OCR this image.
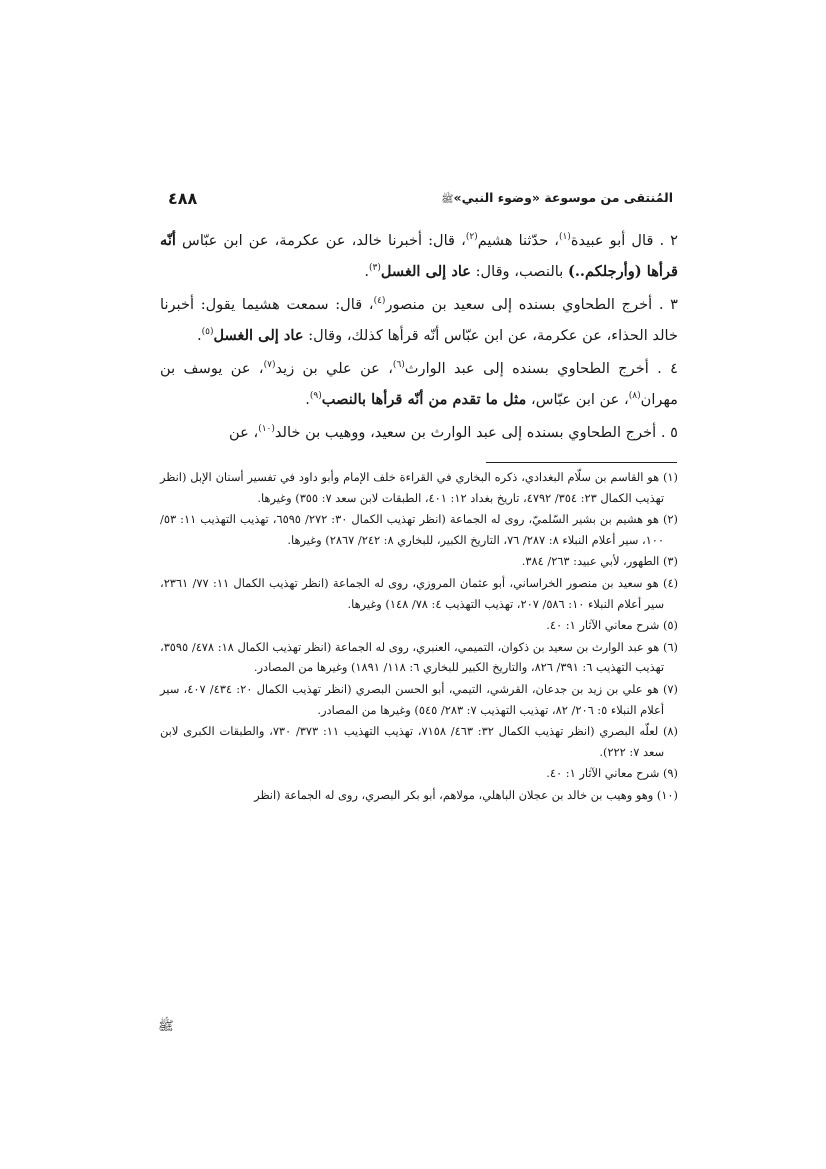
المُنتقى من موسوعة «وضوء النبي»ﷺ
٤٨٨

٢ . قال أبو عبيدة$^{(١)}$، حدّثنا هشيم$^{(٢)}$، قال: أخبرنا خالد، عن عكرمة، عن ابن عبّاس أنّه قرأها (وأرجلكم..) بالنصب، وقال: عاد إلى الغسل$^{(٣)}$.

٣ . أخرج الطحاوي بسنده إلى سعيد بن منصور$^{(٤)}$، قال: سمعت هشيما يقول: أخبرنا خالد الحذاء، عن عكرمة، عن ابن عبّاس أنّه قرأها كذلك، وقال: عاد إلى الغسل$^{(٥)}$.

٤ . أخرج الطحاوي بسنده إلى عبد الوارث$^{(٦)}$، عن علي بن زيد$^{(٧)}$، عن يوسف بن مهران$^{(٨)}$، عن ابن عبّاس، مثل ما تقدم من أنّه قرأها بالنصب$^{(٩)}$.

٥ . أخرج الطحاوي بسنده إلى عبد الوارث بن سعيد، ووهيب بن خالد$^{(١٠)}$، عن

(١) هو القاسم بن سلّام البغدادي، ذكره البخاري في القراءة خلف الإمام وأبو داود في تفسير أسنان الإبل (انظر تهذيب الكمال ٢٣: ٣٥٤/ ٤٧٩٢، تاريخ بغداد ١٢: ٤٠١، الطبقات لابن سعد ٧: ٣٥٥) وغيرها.

(٢) هو هشيم بن بشير السّلميّ، روى له الجماعة (انظر تهذيب الكمال ٣٠: ٢٧٢/ ٦٥٩٥، تهذيب التهذيب ١١: ٥٣/ ١٠٠، سير أعلام النبلاء ٨: ٢٨٧/ ٧٦، التاريخ الكبير، للبخاري ٨: ٢٤٢/ ٢٨٦٧) وغيرها.

(٣) الطهور، لأبي عبيد: ٢٦٣/ ٣٨٤.

(٤) هو سعيد بن منصور الخراساني، أبو عثمان المروزي، روى له الجماعة (انظر تهذيب الكمال ١١: ٧٧/ ٢٣٦١، سير أعلام النبلاء ١٠: ٥٨٦/ ٢٠٧، تهذيب التهذيب ٤: ٧٨/ ١٤٨) وغيرها.

(٥) شرح معاني الآثار ١: ٤٠.

(٦) هو عبد الوارث بن سعيد بن ذكوان، التميمي، العنبري، روى له الجماعة (انظر تهذيب الكمال ١٨: ٤٧٨/ ٣٥٩٥، تهذيب التهذيب ٦: ٣٩١/ ٨٢٦، والتاريخ الكبير للبخاري ٦: ١١٨/ ١٨٩١) وغيرها من المصادر.

(٧) هو علي بن زيد بن جدعان، القرشي، التيمي، أبو الحسن البصري (انظر تهذيب الكمال ٢٠: ٤٣٤/ ٤٠٧، سير أعلام النبلاء ٥: ٢٠٦/ ٨٢، تهذيب التهذيب ٧: ٢٨٣/ ٥٤٥) وغيرها من المصادر.

(٨) لعلّه البصري (انظر تهذيب الكمال ٣٢: ٤٦٣/ ٧١٥٨، تهذيب التهذيب ١١: ٣٧٣/ ٧٣٠، والطبقات الكبرى لابن سعد ٧: ٢٢٢).

(٩) شرح معاني الآثار ١: ٤٠.

(١٠) وهو وهيب بن خالد بن عجلان الباهلي، مولاهم، أبو بكر البصري، روى له الجماعة (انظر

ﷺ
